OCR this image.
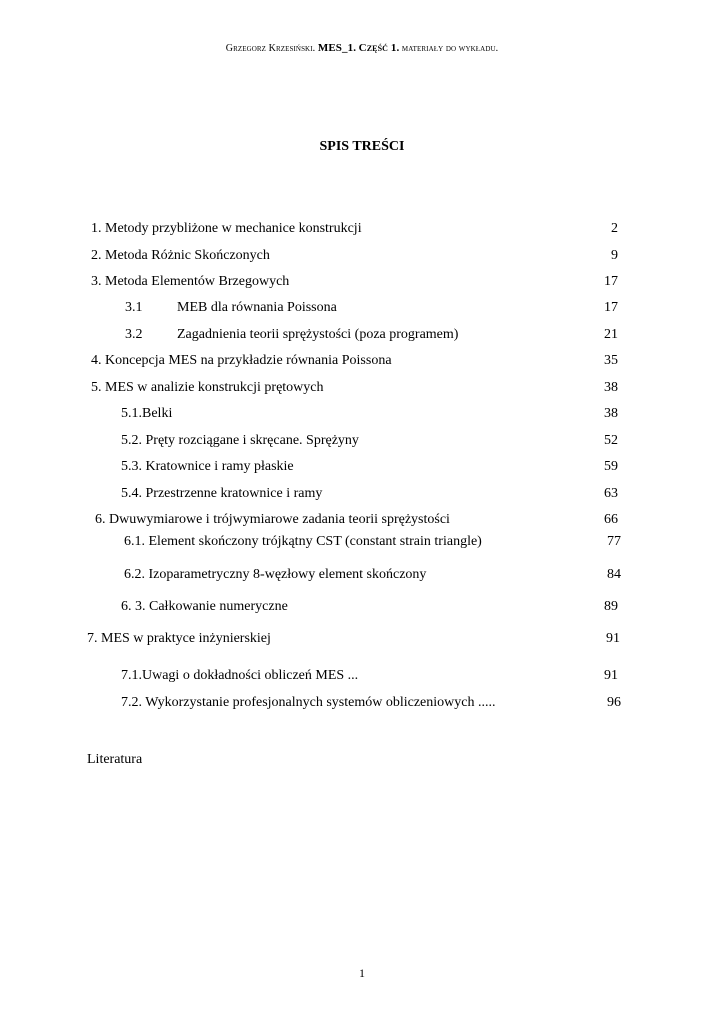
Grzegorz Krzesiński. MES_1. Część 1. materiały do wykładu.
SPIS TREŚCI
1. Metody przybliżone w mechanice konstrukcji	2
2. Metoda Różnic Skończonych	9
3. Metoda Elementów Brzegowych	17
3.1 MEB dla równania Poissona	17
3.2 Zagadnienia teorii sprężystości (poza programem)	21
4. Koncepcja MES na przykładzie równania Poissona	35
5. MES w analizie konstrukcji prętowych	38
5.1.Belki	38
5.2. Pręty rozciągane i skręcane. Sprężyny	52
5.3. Kratownice i ramy płaskie	59
5.4. Przestrzenne kratownice i ramy	63
6. Dwuwymiarowe i trójwymiarowe zadania teorii sprężystości	66
6.1. Element skończony trójkątny CST (constant strain triangle)	77
6.2. Izoparametryczny 8-węzłowy element skończony	84
6. 3. Całkowanie numeryczne	89
7. MES w praktyce inżynierskiej	91
7.1.Uwagi o dokładności obliczeń MES ...	91
7.2. Wykorzystanie profesjonalnych systemów obliczeniowych .....	96
Literatura
1
